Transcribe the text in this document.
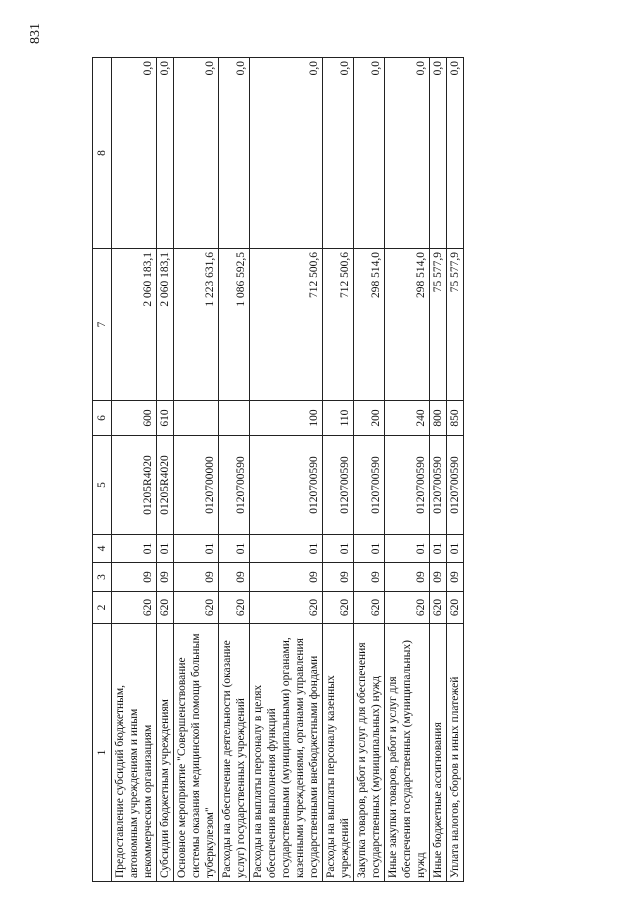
831
1	2	3	4	5	6	7	8
Предоставление субсидий бюджетным, автономным учреждениям и иным некоммерческим организациям	620	09	01	01205R4020	600	2 060 183,1	0,0
Субсидии бюджетным учреждениям	620	09	01	01205R4020	610	2 060 183,1	0,0
Основное мероприятие "Совершенствование системы оказания медицинской помощи больным туберкулезом"	620	09	01	0120700000		1 223 631,6	0,0
Расходы на обеспечение деятельности (оказание услуг) государственных учреждений	620	09	01	0120700590		1 086 592,5	0,0
Расходы на выплаты персоналу в целях обеспечения выполнения функций государственными (муниципальными) органами, казенными учреждениями, органами управления государственными внебюджетными фондами	620	09	01	0120700590	100	712 500,6	0,0
Расходы на выплаты персоналу казенных учреждений	620	09	01	0120700590	110	712 500,6	0,0
Закупка товаров, работ и услуг для обеспечения государственных (муниципальных) нужд	620	09	01	0120700590	200	298 514,0	0,0
Иные закупки товаров, работ и услуг для обеспечения государственных (муниципальных) нужд	620	09	01	0120700590	240	298 514,0	0,0
Иные бюджетные ассигнования	620	09	01	0120700590	800	75 577,9	0,0
Уплата налогов, сборов и иных платежей	620	09	01	0120700590	850	75 577,9	0,0
